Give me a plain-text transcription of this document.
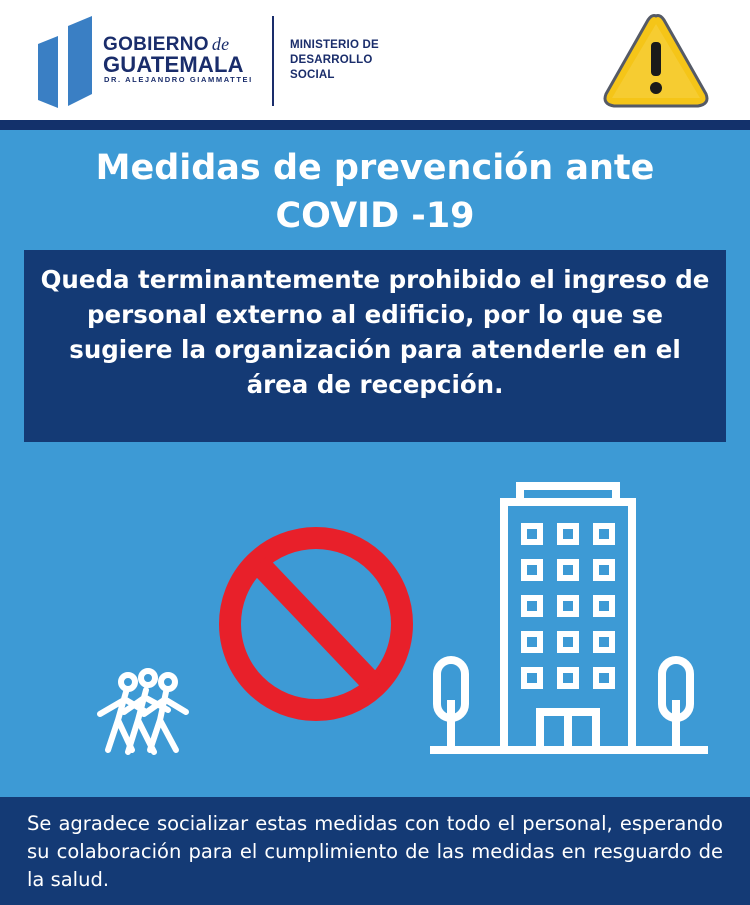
GOBIERNO de
GUATEMALA
DR. ALEJANDRO GIAMMATTEI
MINISTERIO DE
DESARROLLO
SOCIAL
Medidas de prevención ante
COVID -19

Queda terminantemente prohibido el ingreso de personal externo al edificio, por lo que se sugiere la organización para atenderle en el área de recepción.

Se agradece socializar estas medidas con todo el personal, esperando su colaboración para el cumplimiento de las medidas en resguardo de la salud.
